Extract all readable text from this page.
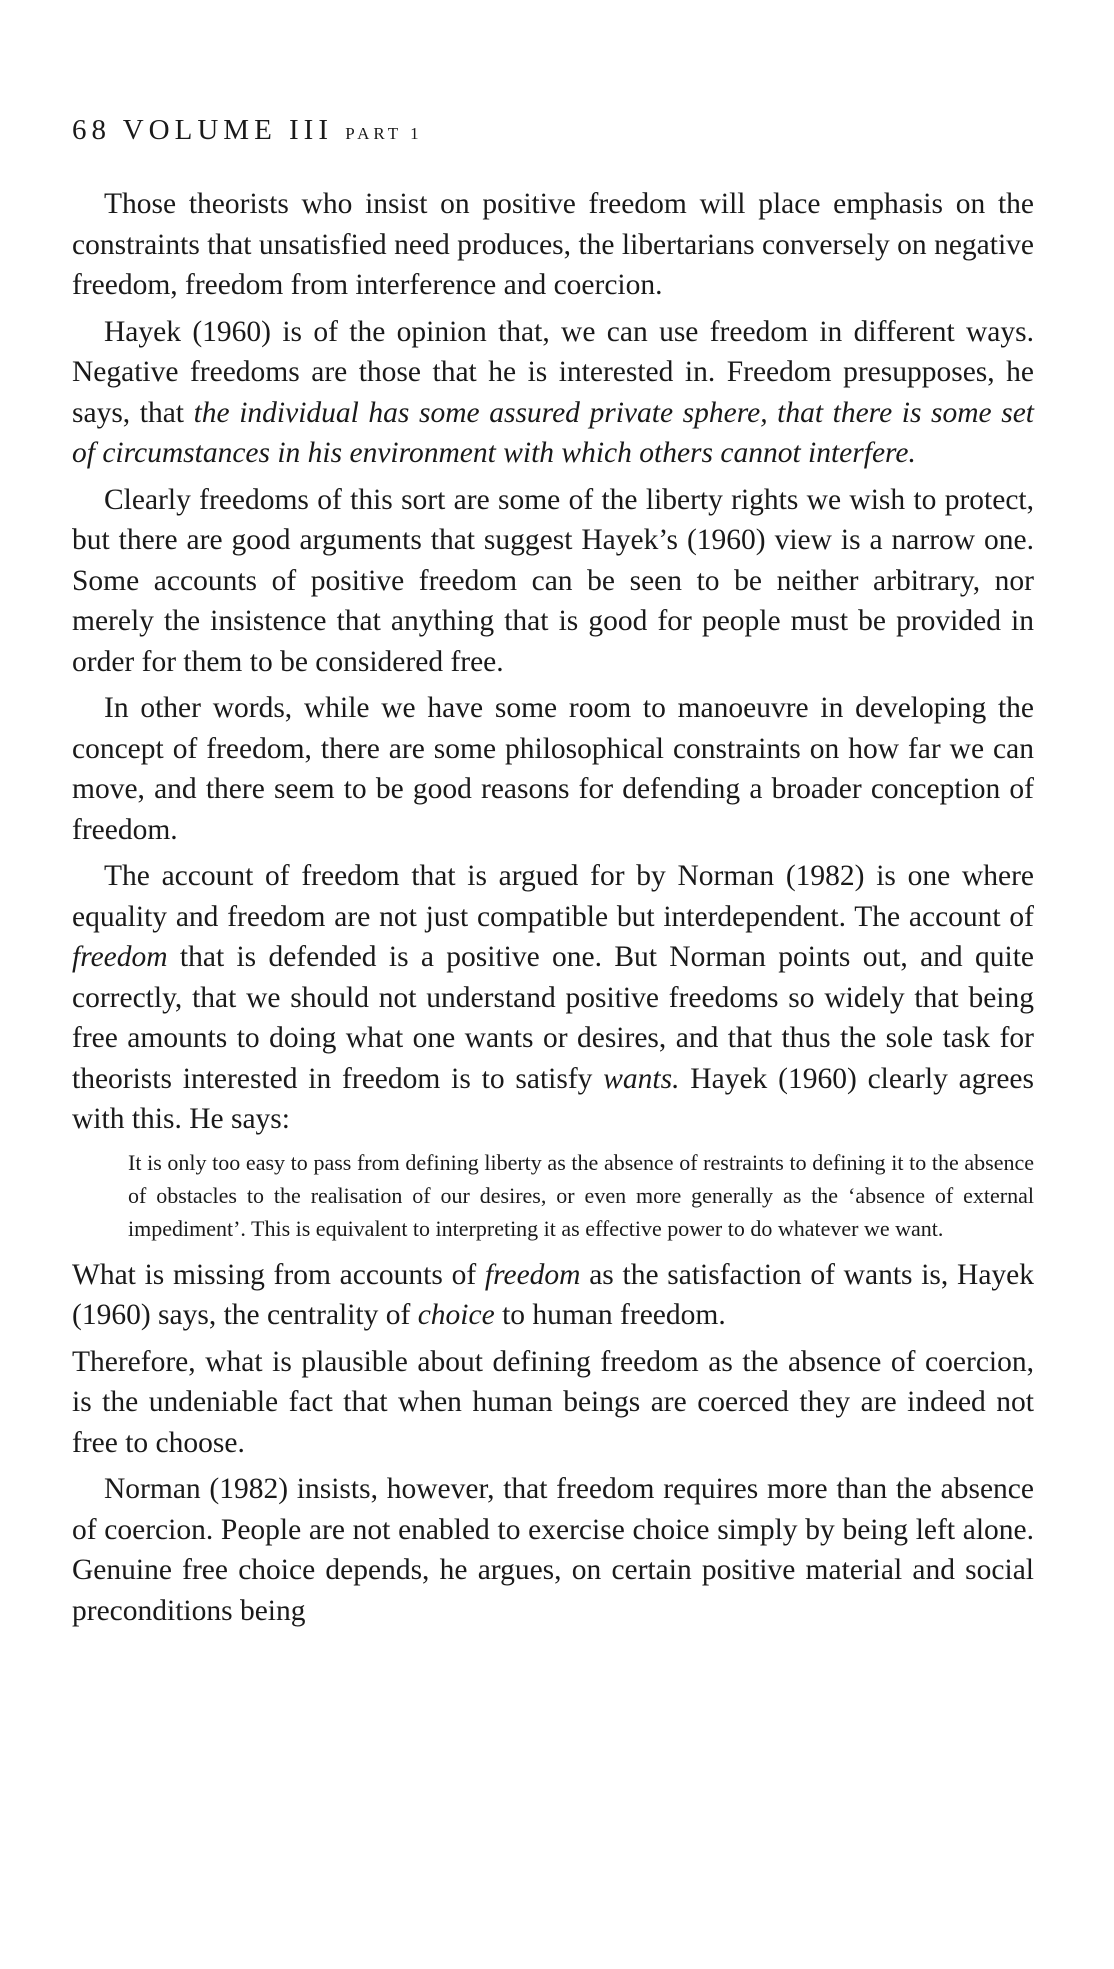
68 VOLUME III PART 1

Those theorists who insist on positive freedom will place emphasis on the constraints that unsatisfied need produces, the libertarians conversely on negative freedom, freedom from interference and coercion.

Hayek (1960) is of the opinion that, we can use freedom in different ways. Negative freedoms are those that he is interested in. Freedom presupposes, he says, that the individual has some assured private sphere, that there is some set of circumstances in his environment with which others cannot interfere.

Clearly freedoms of this sort are some of the liberty rights we wish to protect, but there are good arguments that suggest Hayek’s (1960) view is a narrow one. Some accounts of positive freedom can be seen to be neither arbitrary, nor merely the insistence that anything that is good for people must be provided in order for them to be considered free.

In other words, while we have some room to manoeuvre in developing the concept of freedom, there are some philosophical constraints on how far we can move, and there seem to be good reasons for defending a broader conception of freedom.

The account of freedom that is argued for by Norman (1982) is one where equality and freedom are not just compatible but interdependent. The account of freedom that is defended is a positive one. But Norman points out, and quite correctly, that we should not understand positive freedoms so widely that being free amounts to doing what one wants or desires, and that thus the sole task for theorists interested in freedom is to satisfy wants. Hayek (1960) clearly agrees with this. He says:

It is only too easy to pass from defining liberty as the absence of restraints to defining it to the absence of obstacles to the realisation of our desires, or even more generally as the ‘absence of external impediment’. This is equivalent to interpreting it as effective power to do whatever we want.

What is missing from accounts of freedom as the satisfaction of wants is, Hayek (1960) says, the centrality of choice to human freedom.

Therefore, what is plausible about defining freedom as the absence of coercion, is the undeniable fact that when human beings are coerced they are indeed not free to choose.

Norman (1982) insists, however, that freedom requires more than the absence of coercion. People are not enabled to exercise choice simply by being left alone. Genuine free choice depends, he argues, on certain positive material and social preconditions being
